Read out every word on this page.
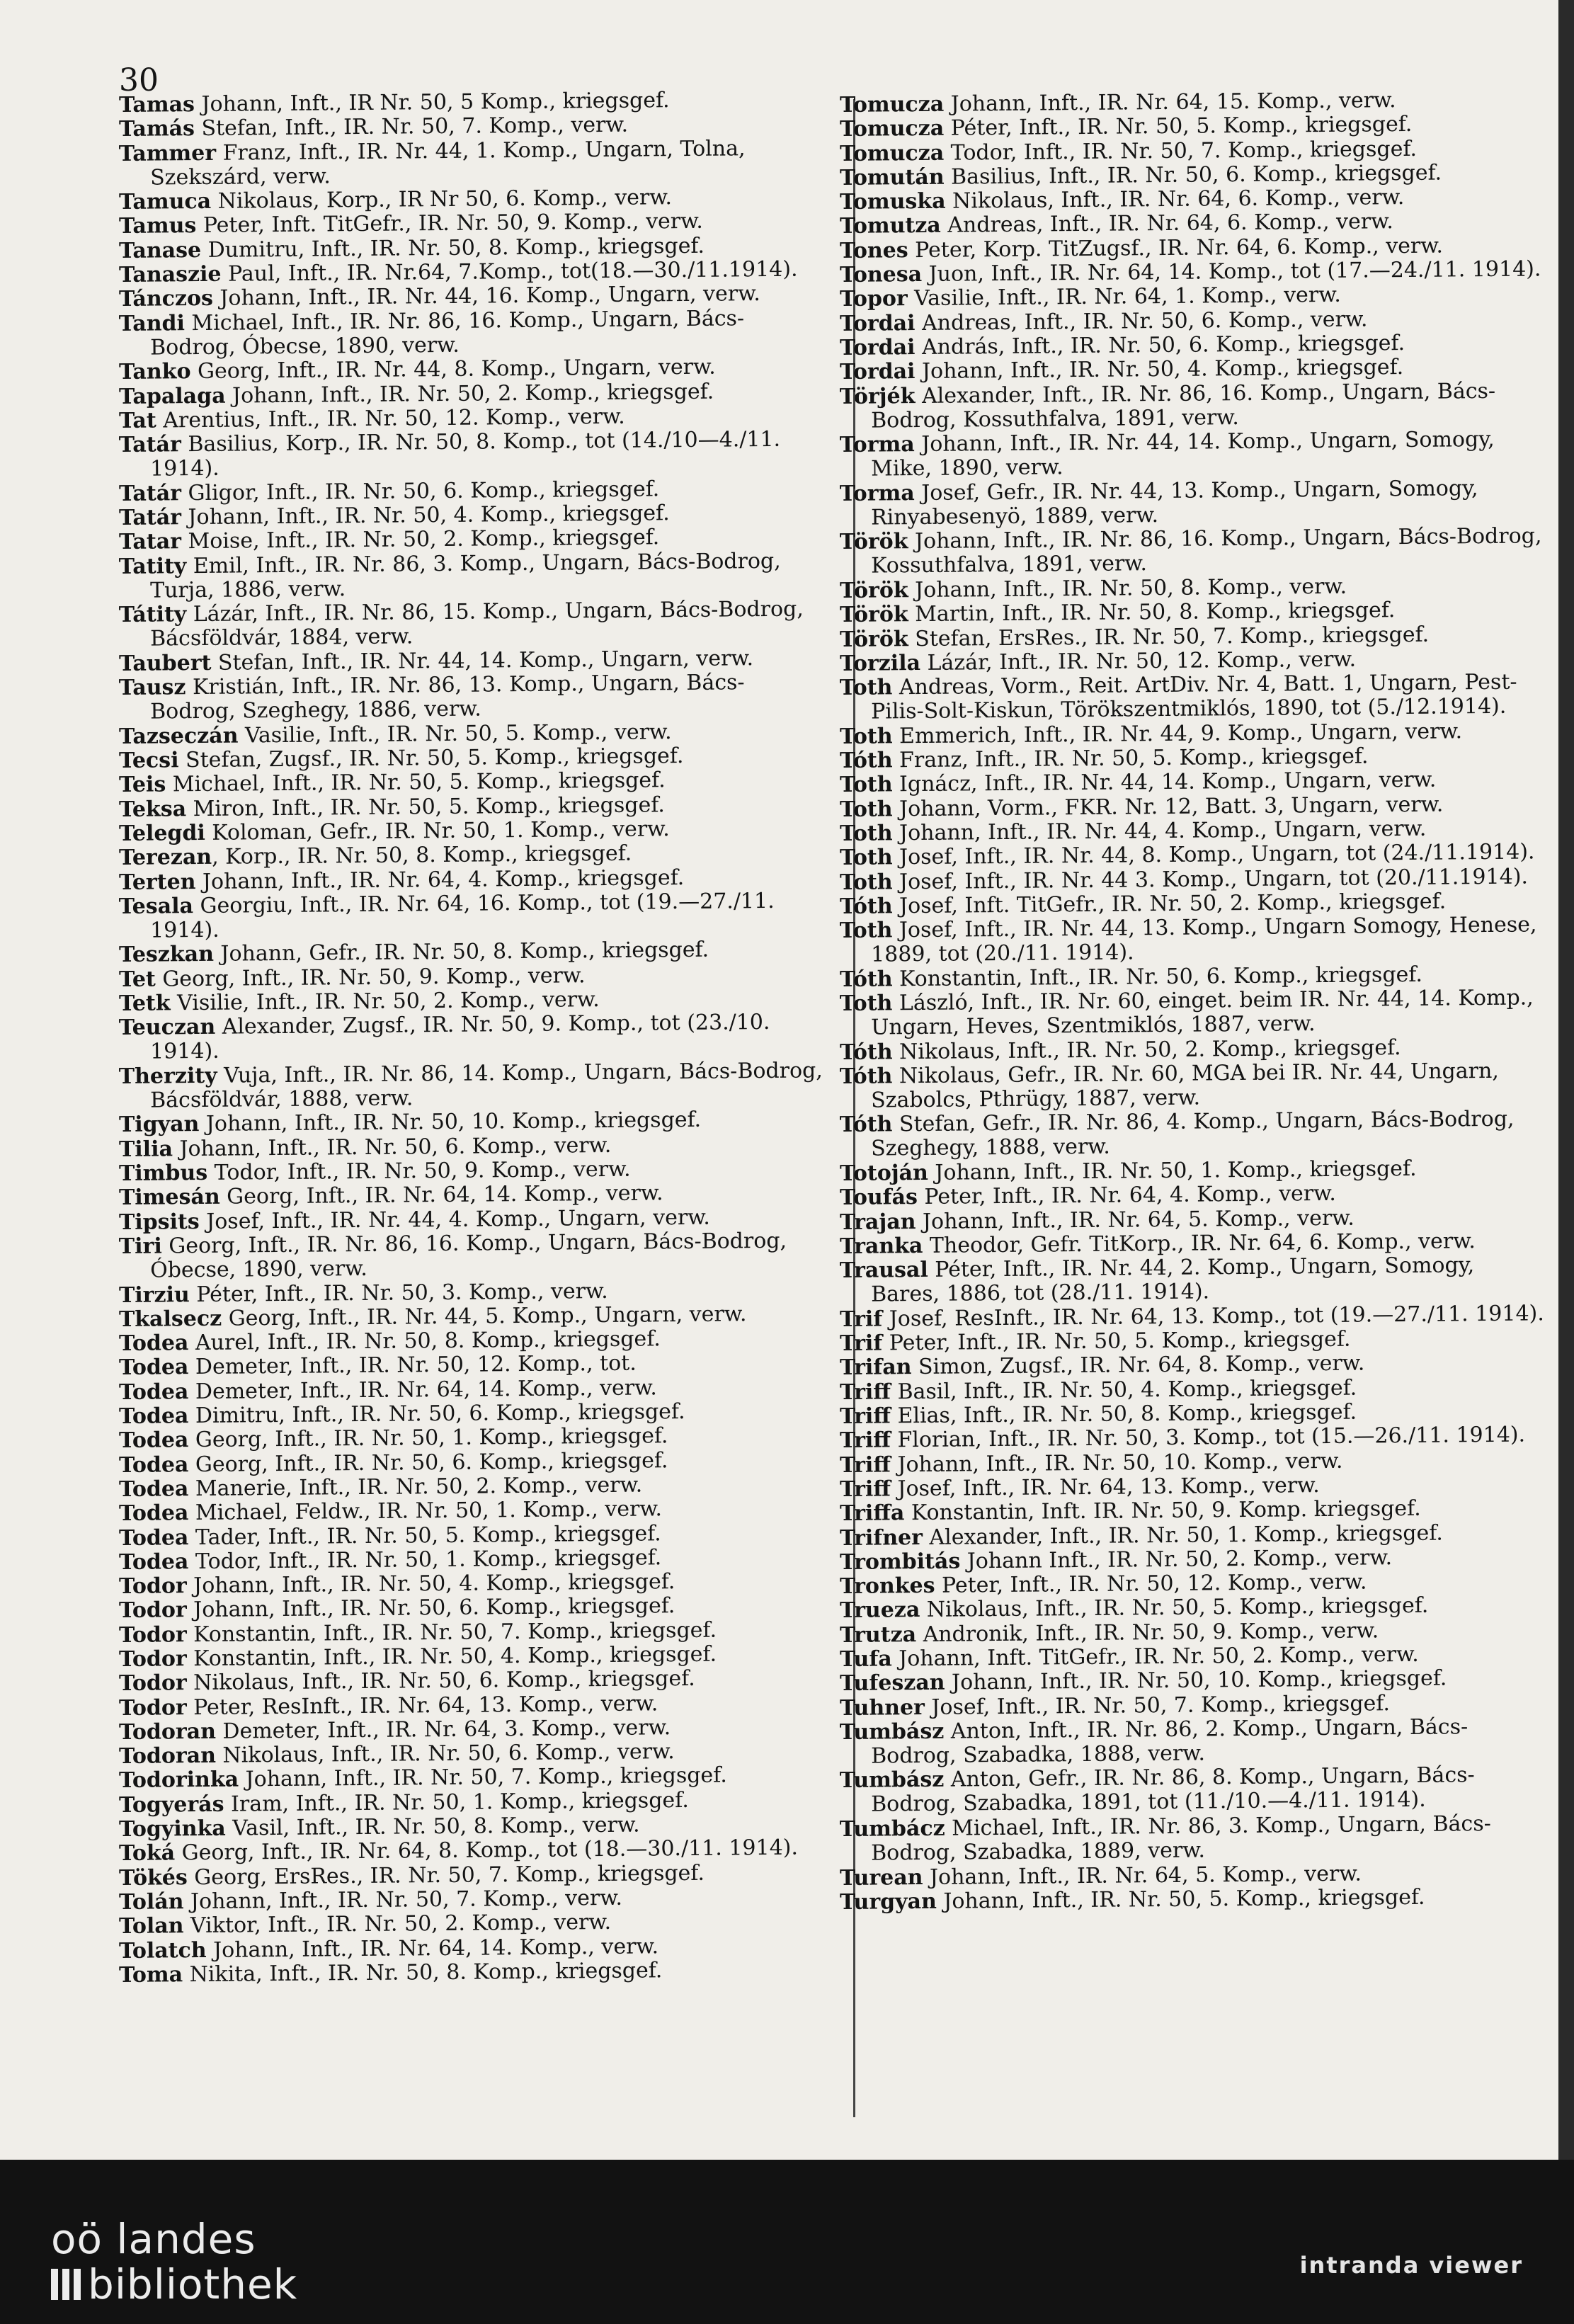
30
Tamas Johann, Inft., IR Nr. 50, 5 Komp., kriegsgef.
Tamás Stefan, Inft., IR. Nr. 50, 7. Komp., verw.
Tammer Franz, Inft., IR. Nr. 44, 1. Komp., Ungarn, Tolna, Szekszárd, verw.
Tamuca Nikolaus, Korp., IR Nr 50, 6. Komp., verw.
Tamus Peter, Inft. TitGefr., IR. Nr. 50, 9. Komp., verw.
Tanase Dumitru, Inft., IR. Nr. 50, 8. Komp., kriegsgef.
Tanaszie Paul, Inft., IR. Nr.64, 7.Komp., tot(18.—30./11.1914).
Tánczos Johann, Inft., IR. Nr. 44, 16. Komp., Ungarn, verw.
Tandi Michael, Inft., IR. Nr. 86, 16. Komp., Ungarn, Bács-Bodrog, Óbecse, 1890, verw.
Tanko Georg, Inft., IR. Nr. 44, 8. Komp., Ungarn, verw.
Tapalaga Johann, Inft., IR. Nr. 50, 2. Komp., kriegsgef.
Tat Arentius, Inft., IR. Nr. 50, 12. Komp., verw.
Tatár Basilius, Korp., IR. Nr. 50, 8. Komp., tot (14./10—4./11. 1914).
Tatár Gligor, Inft., IR. Nr. 50, 6. Komp., kriegsgef.
Tatár Johann, Inft., IR. Nr. 50, 4. Komp., kriegsgef.
Tatar Moise, Inft., IR. Nr. 50, 2. Komp., kriegsgef.
Tatity Emil, Inft., IR. Nr. 86, 3. Komp., Ungarn, Bács-Bodrog, Turja, 1886, verw.
Tátity Lázár, Inft., IR. Nr. 86, 15. Komp., Ungarn, Bács-Bodrog, Bácsföldvár, 1884, verw.
Taubert Stefan, Inft., IR. Nr. 44, 14. Komp., Ungarn, verw.
Tausz Kristián, Inft., IR. Nr. 86, 13. Komp., Ungarn, Bács-Bodrog, Szeghegy, 1886, verw.
Tazseczán Vasilie, Inft., IR. Nr. 50, 5. Komp., verw.
Tecsi Stefan, Zugsf., IR. Nr. 50, 5. Komp., kriegsgef.
Teis Michael, Inft., IR. Nr. 50, 5. Komp., kriegsgef.
Teksa Miron, Inft., IR. Nr. 50, 5. Komp., kriegsgef.
Telegdi Koloman, Gefr., IR. Nr. 50, 1. Komp., verw.
Terezan, Korp., IR. Nr. 50, 8. Komp., kriegsgef.
Terten Johann, Inft., IR. Nr. 64, 4. Komp., kriegsgef.
Tesala Georgiu, Inft., IR. Nr. 64, 16. Komp., tot (19.—27./11. 1914).
Teszkan Johann, Gefr., IR. Nr. 50, 8. Komp., kriegsgef.
Tet Georg, Inft., IR. Nr. 50, 9. Komp., verw.
Tetk Visilie, Inft., IR. Nr. 50, 2. Komp., verw.
Teuczan Alexander, Zugsf., IR. Nr. 50, 9. Komp., tot (23./10. 1914).
Therzity Vuja, Inft., IR. Nr. 86, 14. Komp., Ungarn, Bács-Bodrog, Bácsföldvár, 1888, verw.
Tigyan Johann, Inft., IR. Nr. 50, 10. Komp., kriegsgef.
Tilia Johann, Inft., IR. Nr. 50, 6. Komp., verw.
Timbus Todor, Inft., IR. Nr. 50, 9. Komp., verw.
Timesán Georg, Inft., IR. Nr. 64, 14. Komp., verw.
Tipsits Josef, Inft., IR. Nr. 44, 4. Komp., Ungarn, verw.
Tiri Georg, Inft., IR. Nr. 86, 16. Komp., Ungarn, Bács-Bodrog, Óbecse, 1890, verw.
Tirziu Péter, Inft., IR. Nr. 50, 3. Komp., verw.
Tkalsecz Georg, Inft., IR. Nr. 44, 5. Komp., Ungarn, verw.
Todea Aurel, Inft., IR. Nr. 50, 8. Komp., kriegsgef.
Todea Demeter, Inft., IR. Nr. 50, 12. Komp., tot.
Todea Demeter, Inft., IR. Nr. 64, 14. Komp., verw.
Todea Dimitru, Inft., IR. Nr. 50, 6. Komp., kriegsgef.
Todea Georg, Inft., IR. Nr. 50, 1. Komp., kriegsgef.
Todea Georg, Inft., IR. Nr. 50, 6. Komp., kriegsgef.
Todea Manerie, Inft., IR. Nr. 50, 2. Komp., verw.
Todea Michael, Feldw., IR. Nr. 50, 1. Komp., verw.
Todea Tader, Inft., IR. Nr. 50, 5. Komp., kriegsgef.
Todea Todor, Inft., IR. Nr. 50, 1. Komp., kriegsgef.
Todor Johann, Inft., IR. Nr. 50, 4. Komp., kriegsgef.
Todor Johann, Inft., IR. Nr. 50, 6. Komp., kriegsgef.
Todor Konstantin, Inft., IR. Nr. 50, 7. Komp., kriegsgef.
Todor Konstantin, Inft., IR. Nr. 50, 4. Komp., kriegsgef.
Todor Nikolaus, Inft., IR. Nr. 50, 6. Komp., kriegsgef.
Todor Peter, ResInft., IR. Nr. 64, 13. Komp., verw.
Todoran Demeter, Inft., IR. Nr. 64, 3. Komp., verw.
Todoran Nikolaus, Inft., IR. Nr. 50, 6. Komp., verw.
Todorinka Johann, Inft., IR. Nr. 50, 7. Komp., kriegsgef.
Togyerás Iram, Inft., IR. Nr. 50, 1. Komp., kriegsgef.
Togyinka Vasil, Inft., IR. Nr. 50, 8. Komp., verw.
Toká Georg, Inft., IR. Nr. 64, 8. Komp., tot (18.—30./11. 1914).
Tökés Georg, ErsRes., IR. Nr. 50, 7. Komp., kriegsgef.
Tolán Johann, Inft., IR. Nr. 50, 7. Komp., verw.
Tolan Viktor, Inft., IR. Nr. 50, 2. Komp., verw.
Tolatch Johann, Inft., IR. Nr. 64, 14. Komp., verw.
Toma Nikita, Inft., IR. Nr. 50, 8. Komp., kriegsgef.
Tomucza Johann, Inft., IR. Nr. 64, 15. Komp., verw.
Tomucza Péter, Inft., IR. Nr. 50, 5. Komp., kriegsgef.
Tomucza Todor, Inft., IR. Nr. 50, 7. Komp., kriegsgef.
Tomután Basilius, Inft., IR. Nr. 50, 6. Komp., kriegsgef.
Tomuska Nikolaus, Inft., IR. Nr. 64, 6. Komp., verw.
Tomutza Andreas, Inft., IR. Nr. 64, 6. Komp., verw.
Tones Peter, Korp. TitZugsf., IR. Nr. 64, 6. Komp., verw.
Tonesa Juon, Inft., IR. Nr. 64, 14. Komp., tot (17.—24./11. 1914).
Topor Vasilie, Inft., IR. Nr. 64, 1. Komp., verw.
Tordai Andreas, Inft., IR. Nr. 50, 6. Komp., verw.
Tordai András, Inft., IR. Nr. 50, 6. Komp., kriegsgef.
Tordai Johann, Inft., IR. Nr. 50, 4. Komp., kriegsgef.
Törjék Alexander, Inft., IR. Nr. 86, 16. Komp., Ungarn, Bács-Bodrog, Kossuthfalva, 1891, verw.
Torma Johann, Inft., IR. Nr. 44, 14. Komp., Ungarn, Somogy, Mike, 1890, verw.
Torma Josef, Gefr., IR. Nr. 44, 13. Komp., Ungarn, Somogy, Rinyabesenyö, 1889, verw.
Török Johann, Inft., IR. Nr. 86, 16. Komp., Ungarn, Bács-Bodrog, Kossuthfalva, 1891, verw.
Török Johann, Inft., IR. Nr. 50, 8. Komp., verw.
Török Martin, Inft., IR. Nr. 50, 8. Komp., kriegsgef.
Török Stefan, ErsRes., IR. Nr. 50, 7. Komp., kriegsgef.
Torzila Lázár, Inft., IR. Nr. 50, 12. Komp., verw.
Toth Andreas, Vorm., Reit. ArtDiv. Nr. 4, Batt. 1, Ungarn, Pest-Pilis-Solt-Kiskun, Törökszentmiklós, 1890, tot (5./12.1914).
Toth Emmerich, Inft., IR. Nr. 44, 9. Komp., Ungarn, verw.
Tóth Franz, Inft., IR. Nr. 50, 5. Komp., kriegsgef.
Toth Ignácz, Inft., IR. Nr. 44, 14. Komp., Ungarn, verw.
Toth Johann, Vorm., FKR. Nr. 12, Batt. 3, Ungarn, verw.
Toth Johann, Inft., IR. Nr. 44, 4. Komp., Ungarn, verw.
Toth Josef, Inft., IR. Nr. 44, 8. Komp., Ungarn, tot (24./11.1914).
Toth Josef, Inft., IR. Nr. 44 3. Komp., Ungarn, tot (20./11.1914).
Tóth Josef, Inft. TitGefr., IR. Nr. 50, 2. Komp., kriegsgef.
Toth Josef, Inft., IR. Nr. 44, 13. Komp., Ungarn Somogy, Henese, 1889, tot (20./11. 1914).
Tóth Konstantin, Inft., IR. Nr. 50, 6. Komp., kriegsgef.
Toth László, Inft., IR. Nr. 60, einget. beim IR. Nr. 44, 14. Komp., Ungarn, Heves, Szentmiklós, 1887, verw.
Tóth Nikolaus, Inft., IR. Nr. 50, 2. Komp., kriegsgef.
Tóth Nikolaus, Gefr., IR. Nr. 60, MGA bei IR. Nr. 44, Ungarn, Szabolcs, Pthrügy, 1887, verw.
Tóth Stefan, Gefr., IR. Nr. 86, 4. Komp., Ungarn, Bács-Bodrog, Szeghegy, 1888, verw.
Totoján Johann, Inft., IR. Nr. 50, 1. Komp., kriegsgef.
Toufás Peter, Inft., IR. Nr. 64, 4. Komp., verw.
Trajan Johann, Inft., IR. Nr. 64, 5. Komp., verw.
Tranka Theodor, Gefr. TitKorp., IR. Nr. 64, 6. Komp., verw.
Trausal Péter, Inft., IR. Nr. 44, 2. Komp., Ungarn, Somogy, Bares, 1886, tot (28./11. 1914).
Trif Josef, ResInft., IR. Nr. 64, 13. Komp., tot (19.—27./11. 1914).
Trif Peter, Inft., IR. Nr. 50, 5. Komp., kriegsgef.
Trifan Simon, Zugsf., IR. Nr. 64, 8. Komp., verw.
Triff Basil, Inft., IR. Nr. 50, 4. Komp., kriegsgef.
Triff Elias, Inft., IR. Nr. 50, 8. Komp., kriegsgef.
Triff Florian, Inft., IR. Nr. 50, 3. Komp., tot (15.—26./11. 1914).
Triff Johann, Inft., IR. Nr. 50, 10. Komp., verw.
Triff Josef, Inft., IR. Nr. 64, 13. Komp., verw.
Triffa Konstantin, Inft. IR. Nr. 50, 9. Komp. kriegsgef.
Trifner Alexander, Inft., IR. Nr. 50, 1. Komp., kriegsgef.
Trombitás Johann Inft., IR. Nr. 50, 2. Komp., verw.
Tronkes Peter, Inft., IR. Nr. 50, 12. Komp., verw.
Trueza Nikolaus, Inft., IR. Nr. 50, 5. Komp., kriegsgef.
Trutza Andronik, Inft., IR. Nr. 50, 9. Komp., verw.
Tufa Johann, Inft. TitGefr., IR. Nr. 50, 2. Komp., verw.
Tufeszan Johann, Inft., IR. Nr. 50, 10. Komp., kriegsgef.
Tuhner Josef, Inft., IR. Nr. 50, 7. Komp., kriegsgef.
Tumbász Anton, Inft., IR. Nr. 86, 2. Komp., Ungarn, Bács-Bodrog, Szabadka, 1888, verw.
Tumbász Anton, Gefr., IR. Nr. 86, 8. Komp., Ungarn, Bács-Bodrog, Szabadka, 1891, tot (11./10.—4./11. 1914).
Tumbácz Michael, Inft., IR. Nr. 86, 3. Komp., Ungarn, Bács-Bodrog, Szabadka, 1889, verw.
Turean Johann, Inft., IR. Nr. 64, 5. Komp., verw.
Turgyan Johann, Inft., IR. Nr. 50, 5. Komp., kriegsgef.
oö landes
bibliothek	intranda viewer
